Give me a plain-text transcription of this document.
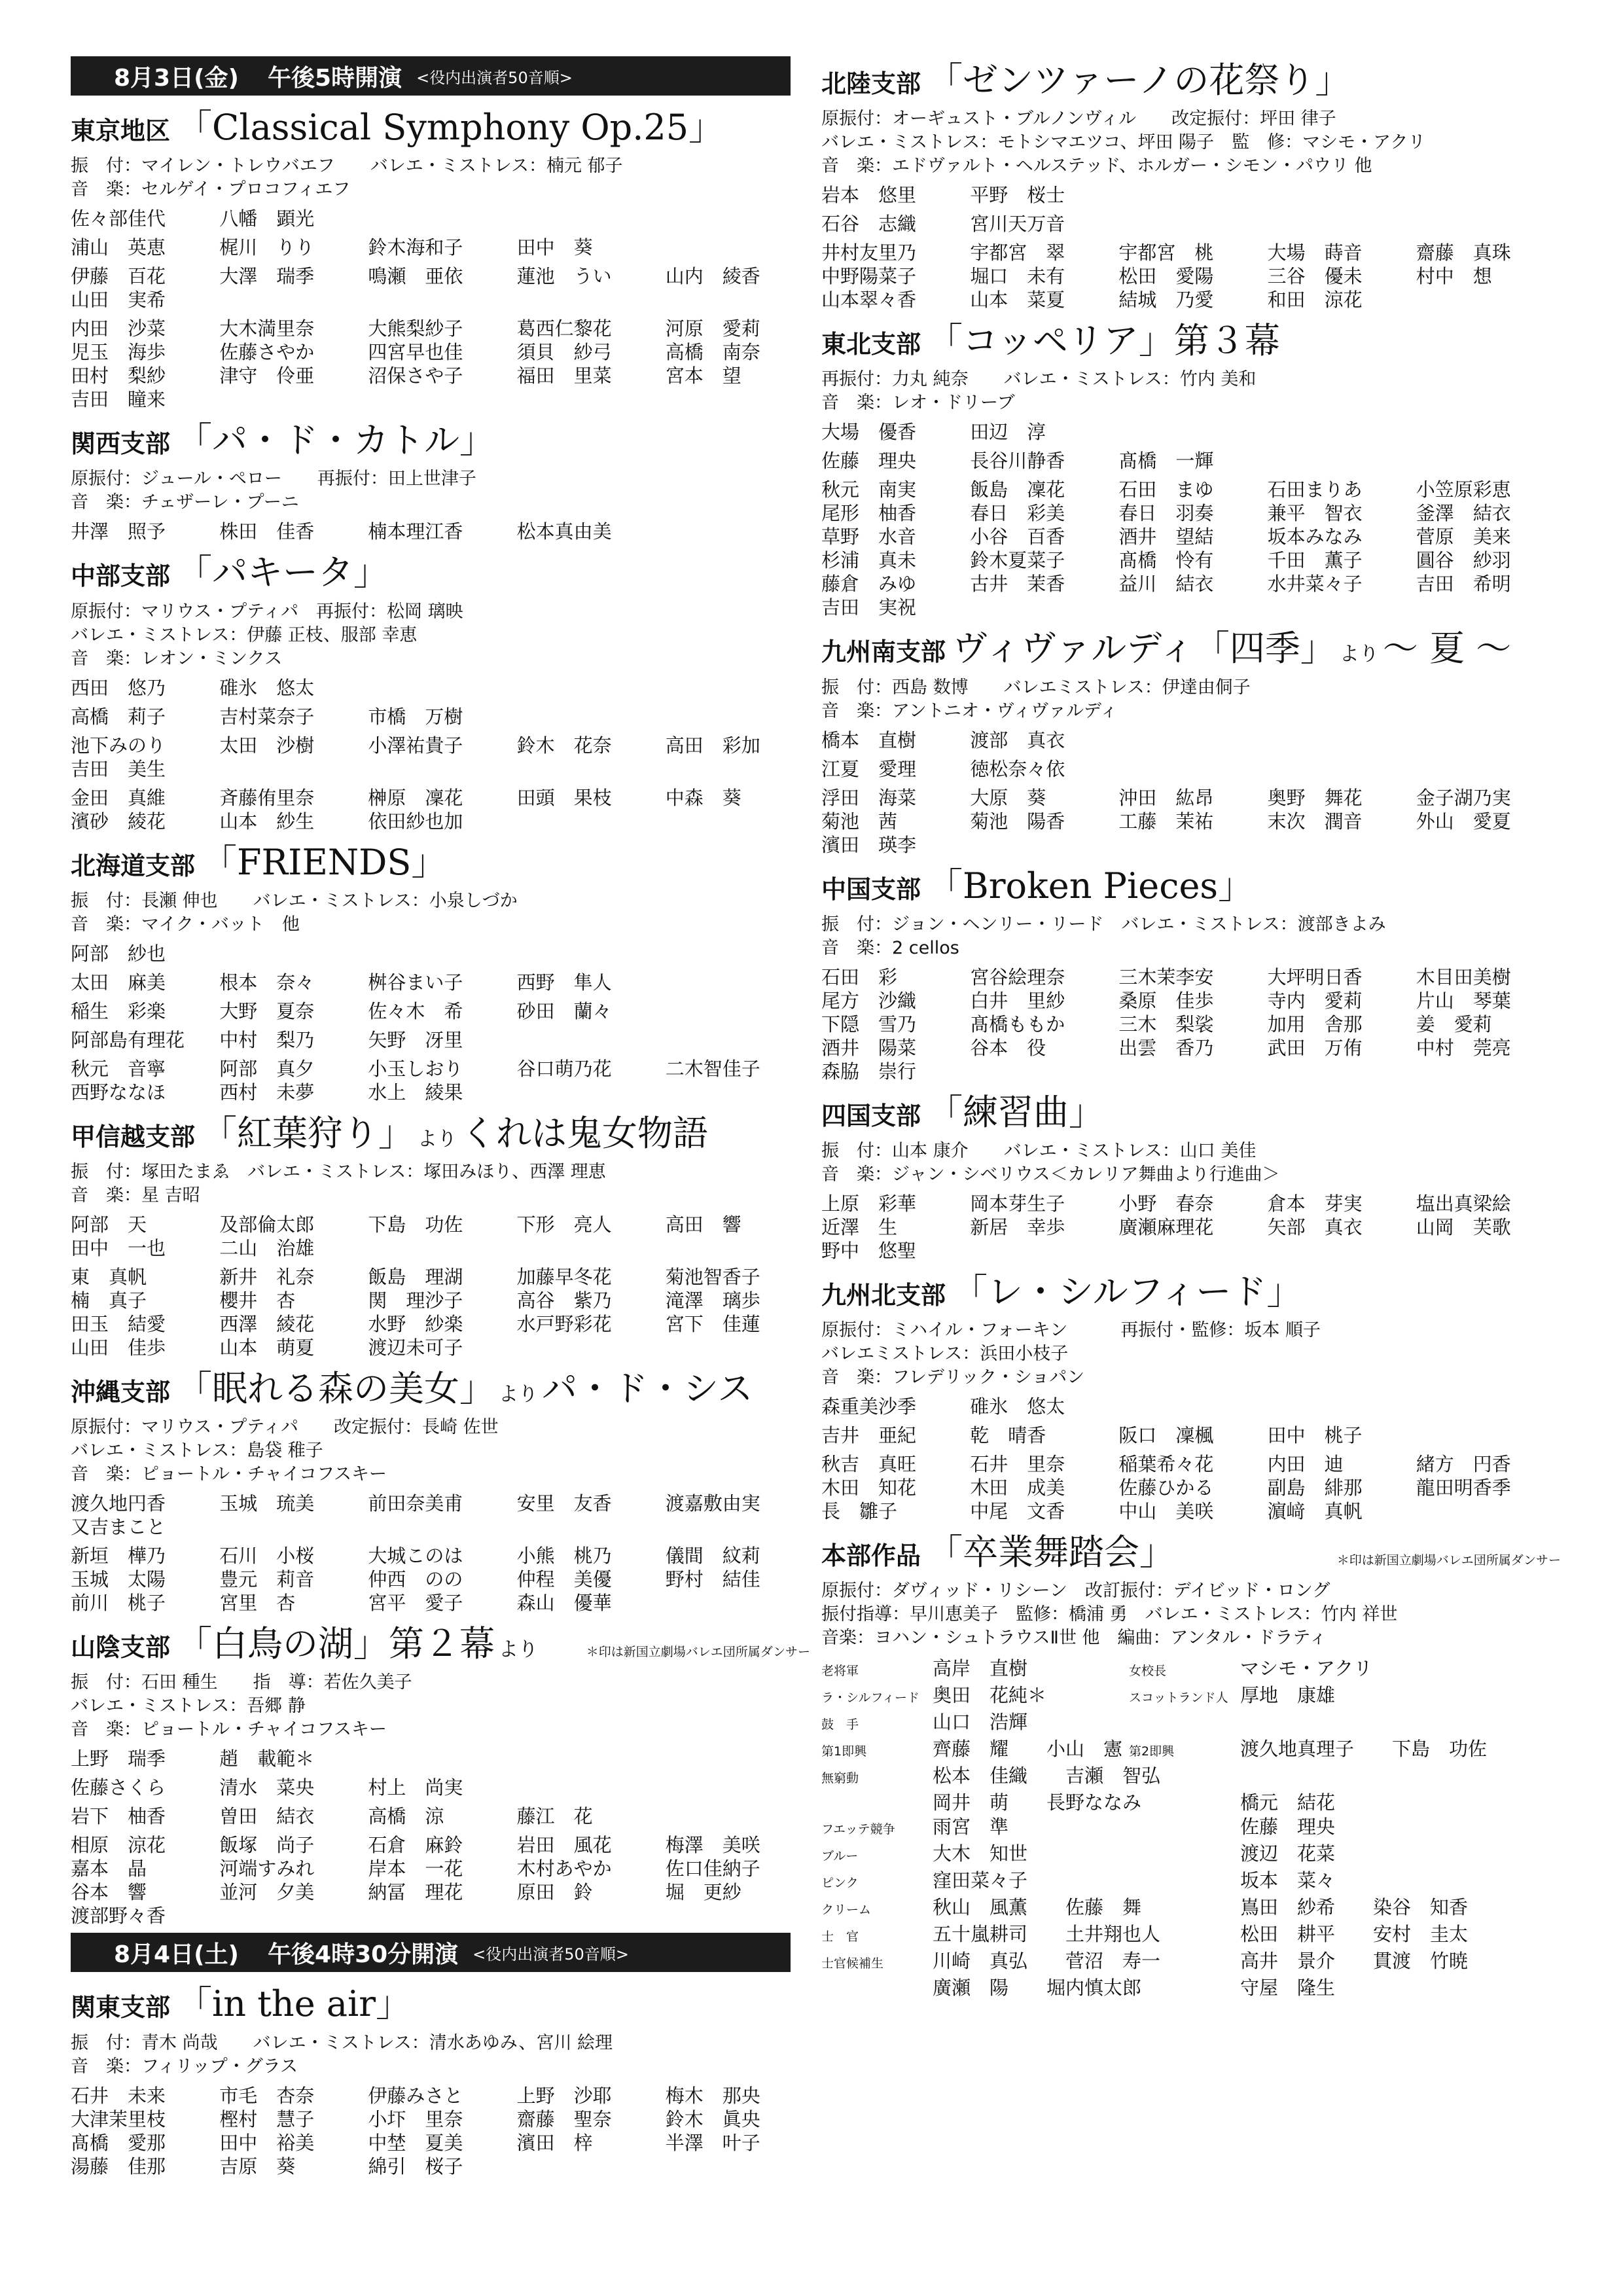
8月3日(金) 午後5時開演 <役内出演者50音順>
東京地区 「Classical Symphony Op.25」
振　付：マイレン・トレウバエフ　　バレエ・ミストレス：楠元 郁子
音　楽：セルゲイ・プロコフィエフ
佐々部佳代	八幡　顕光
浦山　英恵	梶川　りり	鈴木海和子	田中　葵
伊藤　百花	大澤　瑞季	鳴瀬　亜依	蓮池　うい	山内　綾香
山田　実希
内田　沙菜	大木満里奈	大熊梨紗子	葛西仁黎花	河原　愛莉
児玉　海歩	佐藤さやか	四宮早也佳	須貝　紗弓	高橋　南奈
田村　梨紗	津守　伶亜	沼保さや子	福田　里菜	宮本　望
吉田　瞳来
関西支部 「パ・ド・カトル」
原振付：ジュール・ペロー　　再振付：田上世津子
音　楽：チェザーレ・プーニ
井澤　照予	株田　佳香	楠本理江香	松本真由美
中部支部 「パキータ」
原振付：マリウス・プティパ　再振付：松岡 璃映
バレエ・ミストレス：伊藤 正枝、服部 幸恵
音　楽：レオン・ミンクス
西田　悠乃	碓氷　悠太
高橋　莉子	吉村菜奈子	市橋　万樹
池下みのり	太田　沙樹	小澤祐貴子	鈴木　花奈	高田　彩加
吉田　美生
金田　真維	斉藤侑里奈	榊原　凜花	田頭　果枝	中森　葵
濱砂　綾花	山本　紗生	依田紗也加
北海道支部 「FRIENDS」
振　付：長瀬 伸也　　バレエ・ミストレス：小泉しづか
音　楽：マイク・バット　他
阿部　紗也
太田　麻美	根本　奈々	桝谷まい子	西野　隼人
稲生　彩楽	大野　夏奈	佐々木　希	砂田　蘭々
阿部島有理花	中村　梨乃	矢野　冴里
秋元　音寧	阿部　真夕	小玉しおり	谷口萌乃花	二木智佳子
西野ななほ	西村　未夢	水上　綾果
甲信越支部 「紅葉狩り」 より くれは鬼女物語
振　付：塚田たまゑ　バレエ・ミストレス：塚田みほり、西澤 理恵
音　楽：星 吉昭
阿部　天	及部倫太郎	下島　功佐	下形　亮人	高田　響
田中　一也	二山　治雄
東　真帆	新井　礼奈	飯島　理湖	加藤早冬花	菊池智香子
楠　真子	櫻井　杏	関　理沙子	高谷　紫乃	滝澤　璃歩
田玉　結愛	西澤　綾花	水野　紗楽	水戸野彩花	宮下　佳蓮
山田　佳歩	山本　萌夏	渡辺未可子
沖縄支部 「眠れる森の美女」 より パ・ド・シス
原振付：マリウス・プティパ　　改定振付：長崎 佐世
バレエ・ミストレス：島袋 稚子
音　楽：ピョートル・チャイコフスキー
渡久地円香	玉城　琉美	前田奈美甫	安里　友香	渡嘉敷由実
又吉まこと
新垣　樺乃	石川　小桜	大城このは	小熊　桃乃	儀間　紋莉
玉城　太陽	豊元　莉音	仲西　のの	仲程　美優	野村　結佳
前川　桃子	宮里　杏	宮平　愛子	森山　優華
山陰支部 「白鳥の湖」第２幕 より	＊印は新国立劇場バレエ団所属ダンサー
振　付：石田 種生　　指　導：若佐久美子
バレエ・ミストレス：吾郷 静
音　楽：ピョートル・チャイコフスキー
上野　瑞季	趙　載範＊
佐藤さくら	清水　菜央	村上　尚実
岩下　柚香	曽田　結衣	高橋　涼	藤江　花
相原　涼花	飯塚　尚子	石倉　麻鈴	岩田　風花	梅澤　美咲
嘉本　晶	河端すみれ	岸本　一花	木村あやか	佐口佳納子
谷本　響	並河　夕美	納冨　理花	原田　鈴	堀　更紗
渡部野々香
8月4日(土) 午後4時30分開演 <役内出演者50音順>
関東支部 「in the air」
振　付：青木 尚哉　　バレエ・ミストレス：清水あゆみ、宮川 絵理
音　楽：フィリップ・グラス
石井　未来	市毛　杏奈	伊藤みさと	上野　沙耶	梅木　那央
大津茉里枝	樫村　慧子	小圷　里奈	齋藤　聖奈	鈴木　眞央
髙橋　愛那	田中　裕美	中埜　夏美	濱田　梓	半澤　叶子
湯藤　佳那	吉原　葵	綿引　桜子
北陸支部 「ゼンツァーノの花祭り」
原振付：オーギュスト・ブルノンヴィル　　改定振付：坪田 律子
バレエ・ミストレス：モトシマエツコ、坪田 陽子　監　修：マシモ・アクリ
音　楽：エドヴァルト・ヘルステッド、ホルガー・シモン・パウリ 他
岩本　悠里	平野　桜士
石谷　志織	宮川天万音
井村友里乃	宇都宮　翠	宇都宮　桃	大場　蒔音	齋藤　真珠
中野陽菜子	堀口　未有	松田　愛陽	三谷　優未	村中　想
山本翠々香	山本　菜夏	結城　乃愛	和田　涼花
東北支部 「コッペリア」第３幕
再振付：力丸 純奈　　バレエ・ミストレス：竹内 美和
音　楽：レオ・ドリーブ
大場　優香	田辺　淳
佐藤　理央	長谷川静香	髙橋　一輝
秋元　南実	飯島　凜花	石田　まゆ	石田まりあ	小笠原彩恵
尾形　柚香	春日　彩美	春日　羽奏	兼平　智衣	釜澤　結衣
草野　水音	小谷　百香	酒井　望結	坂本みなみ	菅原　美来
杉浦　真未	鈴木夏菜子	髙橋　怜有	千田　薫子	圓谷　紗羽
藤倉　みゆ	古井　茉香	益川　結衣	水井菜々子	吉田　希明
吉田　実祝
九州南支部 ヴィヴァルディ「四季」 より ～ 夏 ～
振　付：西島 数博　　バレエミストレス：伊達由侗子
音　楽：アントニオ・ヴィヴァルディ
橋本　直樹	渡部　真衣
江夏　愛理	徳松奈々依
浮田　海菜	大原　葵	沖田　紘昂	奥野　舞花	金子湖乃実
菊池　茜	菊池　陽香	工藤　茉祐	末次　潤音	外山　愛夏
濱田　瑛李
中国支部 「Broken Pieces」
振　付：ジョン・ヘンリー・リード　バレエ・ミストレス：渡部きよみ
音　楽：2 cellos
石田　彩	宮谷絵理奈	三木茉李安	大坪明日香	木目田美樹
尾方　沙織	白井　里紗	桑原　佳歩	寺内　愛莉	片山　琴葉
下隠　雪乃	髙橋ももか	三木　梨裟	加用　舎那	姜　愛莉
酒井　陽菜	谷本　役	出雲　香乃	武田　万侑	中村　莞亮
森脇　崇行
四国支部 「練習曲」
振　付：山本 康介　　バレエ・ミストレス：山口 美佳
音　楽：ジャン・シベリウス＜カレリア舞曲より行進曲＞
上原　彩華	岡本芽生子	小野　春奈	倉本　芽実	塩出真梁絵
近澤　生	新居　幸歩	廣瀬麻理花	矢部　真衣	山岡　芙歌
野中　悠聖
九州北支部 「レ・シルフィード」
原振付：ミハイル・フォーキン　　　再振付・監修：坂本 順子
バレエミストレス：浜田小枝子
音　楽：フレデリック・ショパン
森重美沙季	碓氷　悠太
吉井　亜紀	乾　晴香	阪口　凜楓	田中　桃子
秋吉　真旺	石井　里奈	稲葉希々花	内田　迪	緒方　円香
木田　知花	木田　成美	佐藤ひかる	副島　緋那	龍田明香季
長　雛子	中尾　文香	中山　美咲	濵﨑　真帆
本部作品 「卒業舞踏会」	＊印は新国立劇場バレエ団所属ダンサー
原振付：ダヴィッド・リシーン　改訂振付：デイビッド・ロング
振付指導：早川恵美子　監修：橋浦 勇　バレエ・ミストレス：竹内 祥世
音楽：ヨハン・シュトラウスⅡ世 他　編曲：アンタル・ドラティ
老将軍	高岸　直樹	女校長	マシモ・アクリ
ラ・シルフィード 奥田　花純＊	スコットランド人 厚地　康雄
鼓　手	山口　浩輝
第1即興	齊藤　耀　　小山　憲 第2即興	渡久地真理子　　下島　功佐
無窮動	松本　佳織　　吉瀬　智弘
岡井　萌　　長野ななみ	橋元　結花
フエッテ競争	雨宮　準	佐藤　理央
ブルー	大木　知世	渡辺　花菜
ピンク	窪田菜々子	坂本　菜々
クリーム	秋山　風薫　　佐藤　舞	嶌田　紗希　　染谷　知香
士　官	五十嵐耕司　　土井翔也人	松田　耕平　　安村　圭太
士官候補生	川崎　真弘　　菅沼　寿一	高井　景介　　貫渡　竹暁
廣瀬　陽　　堀内慎太郎	守屋　隆生
